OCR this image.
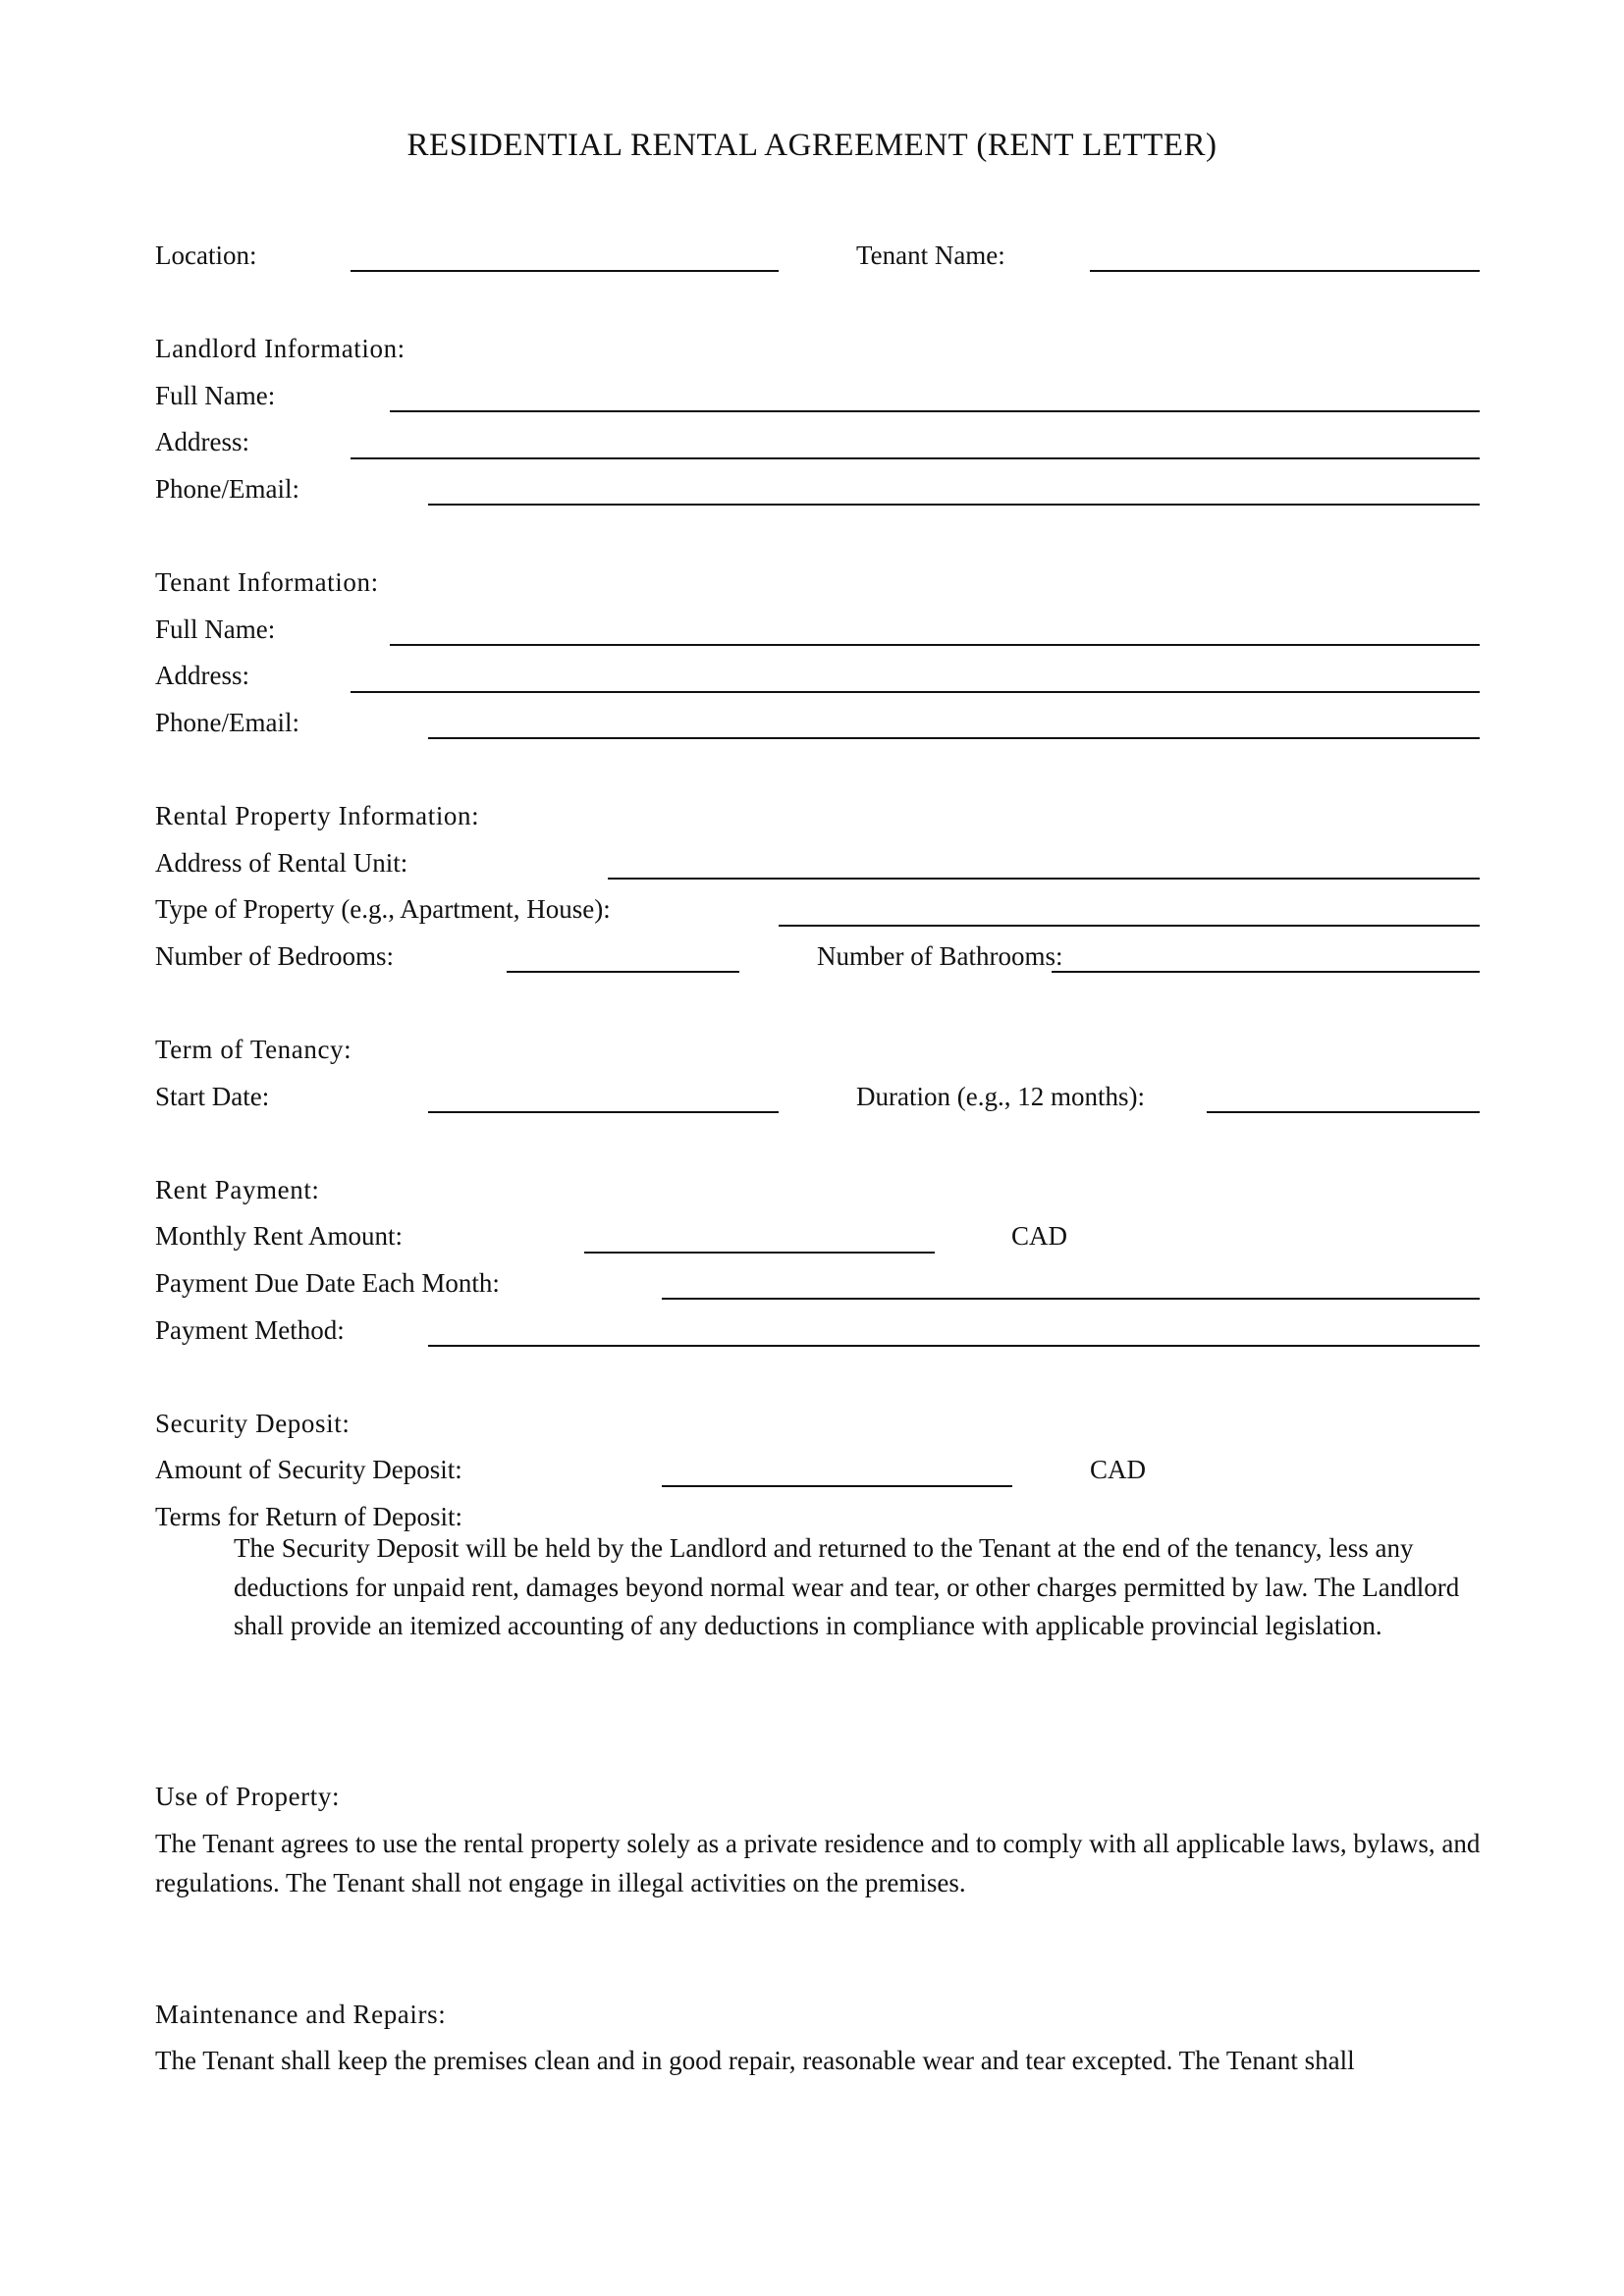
RESIDENTIAL RENTAL AGREEMENT (RENT LETTER)
Location:	Tenant Name:
Landlord Information:
Full Name:
Address:
Phone/Email:
Tenant Information:
Full Name:
Address:
Phone/Email:
Rental Property Information:
Address of Rental Unit:
Type of Property (e.g., Apartment, House):
Number of Bedrooms:	Number of Bathrooms:
Term of Tenancy:
Start Date:	Duration (e.g., 12 months):
Rent Payment:
Monthly Rent Amount:	CAD
Payment Due Date Each Month:
Payment Method:
Security Deposit:
Amount of Security Deposit:	CAD
Terms for Return of Deposit:
The Security Deposit will be held by the Landlord and returned to the Tenant at the end of the tenancy, less any deductions for unpaid rent, damages beyond normal wear and tear, or other charges permitted by law. The Landlord shall provide an itemized accounting of any deductions in compliance with applicable provincial legislation.
Use of Property:
The Tenant agrees to use the rental property solely as a private residence and to comply with all applicable laws, bylaws, and regulations. The Tenant shall not engage in illegal activities on the premises.
Maintenance and Repairs:
The Tenant shall keep the premises clean and in good repair, reasonable wear and tear excepted. The Tenant shall
